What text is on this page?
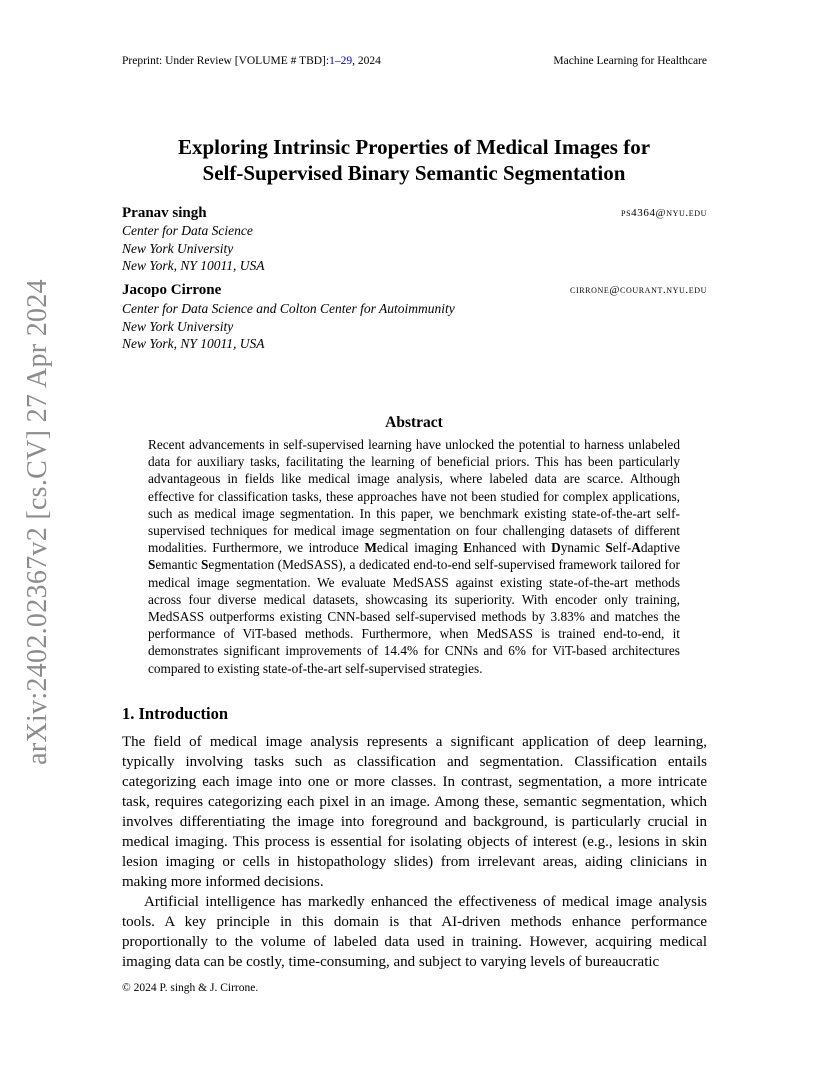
arXiv:2402.02367v2 [cs.CV] 27 Apr 2024
Preprint: Under Review [VOLUME # TBD]:1–29, 2024	Machine Learning for Healthcare
Exploring Intrinsic Properties of Medical Images for
Self-Supervised Binary Semantic Segmentation
Pranav singh	ps4364@nyu.edu
Center for Data Science
New York University
New York, NY 10011, USA
Jacopo Cirrone	cirrone@courant.nyu.edu
Center for Data Science and Colton Center for Autoimmunity
New York University
New York, NY 10011, USA
Abstract
Recent advancements in self-supervised learning have unlocked the potential to harness unlabeled data for auxiliary tasks, facilitating the learning of beneficial priors. This has been particularly advantageous in fields like medical image analysis, where labeled data are scarce. Although effective for classification tasks, these approaches have not been studied for complex applications, such as medical image segmentation. In this paper, we benchmark existing state-of-the-art self-supervised techniques for medical image segmentation on four challenging datasets of different modalities. Furthermore, we introduce Medical imaging Enhanced with Dynamic Self-Adaptive Semantic Segmentation (MedSASS), a dedicated end-to-end self-supervised framework tailored for medical image segmentation. We evaluate MedSASS against existing state-of-the-art methods across four diverse medical datasets, showcasing its superiority. With encoder only training, MedSASS outperforms existing CNN-based self-supervised methods by 3.83% and matches the performance of ViT-based methods. Furthermore, when MedSASS is trained end-to-end, it demonstrates significant improvements of 14.4% for CNNs and 6% for ViT-based architectures compared to existing state-of-the-art self-supervised strategies.
1. Introduction

The field of medical image analysis represents a significant application of deep learning, typically involving tasks such as classification and segmentation. Classification entails categorizing each image into one or more classes. In contrast, segmentation, a more intricate task, requires categorizing each pixel in an image. Among these, semantic segmentation, which involves differentiating the image into foreground and background, is particularly crucial in medical imaging. This process is essential for isolating objects of interest (e.g., lesions in skin lesion imaging or cells in histopathology slides) from irrelevant areas, aiding clinicians in making more informed decisions.

Artificial intelligence has markedly enhanced the effectiveness of medical image analysis tools. A key principle in this domain is that AI-driven methods enhance performance proportionally to the volume of labeled data used in training. However, acquiring medical imaging data can be costly, time-consuming, and subject to varying levels of bureaucratic

© 2024 P. singh & J. Cirrone.
